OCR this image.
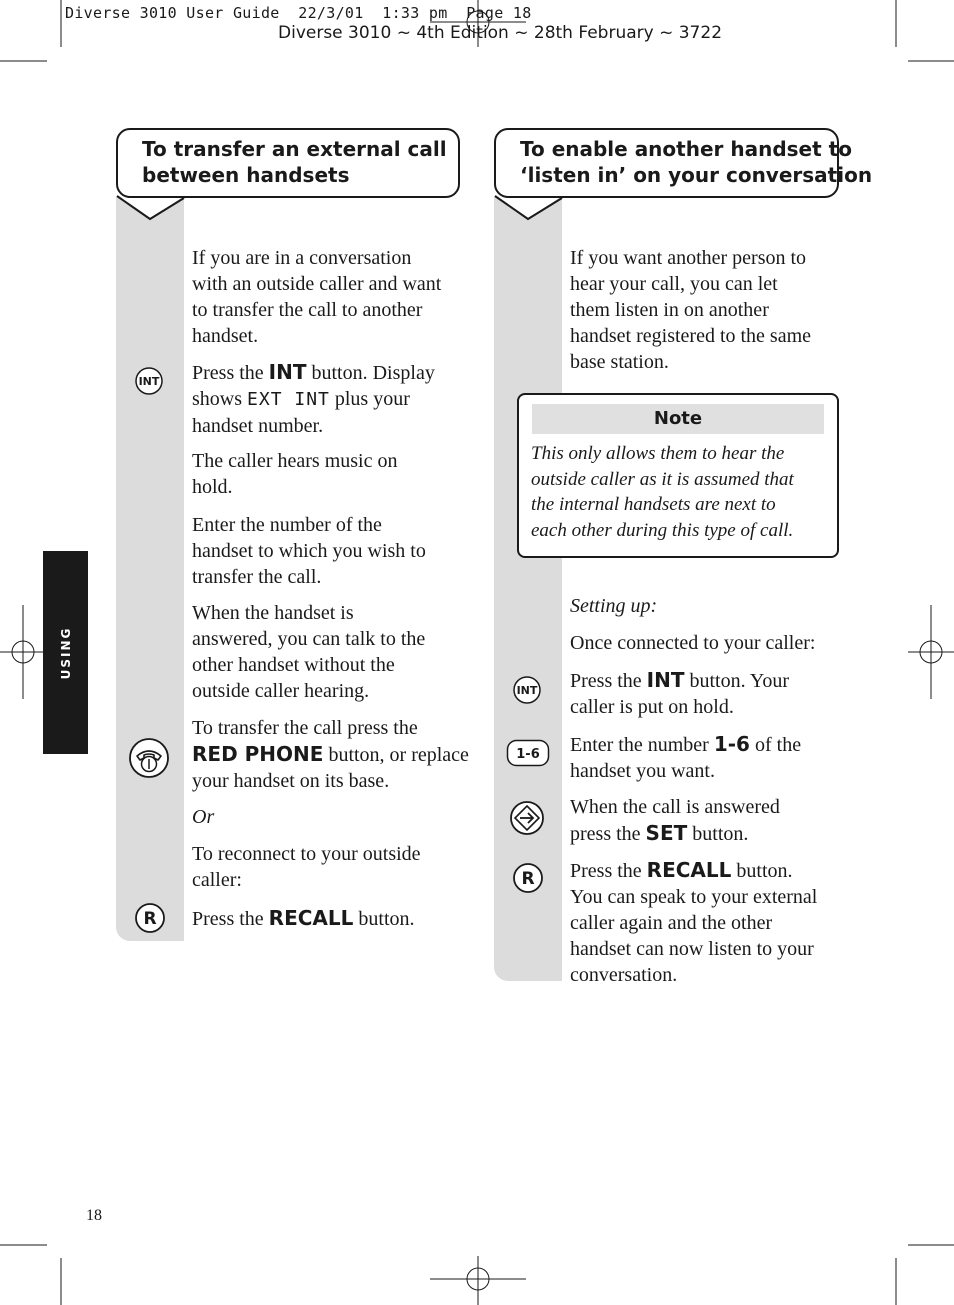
Diverse 3010 User Guide  22/3/01  1:33 pm  Page 18
Diverse 3010 ~ 4th Edition ~ 28th February ~ 3722
USING
To transfer an external call
between handsets
If you are in a conversation
with an outside caller and want
to transfer the call to another
handset.
Press the INT button. Display
shows EXT INT plus your
handset number.
The caller hears music on
hold.
Enter the number of the
handset to which you wish to
transfer the call.
When the handset is
answered, you can talk to the
other handset without the
outside caller hearing.
To transfer the call press the
RED PHONE button, or replace
your handset on its base.
Or
To reconnect to your outside
caller:
Press the RECALL button.
INT
R
To enable another handset to
‘listen in’ on your conversation
If you want another person to
hear your call, you can let
them listen in on another
handset registered to the same
base station.
Note
This only allows them to hear the
outside caller as it is assumed that
the internal handsets are next to
each other during this type of call.
Setting up:
Once connected to your caller:
Press the INT button. Your
caller is put on hold.
Enter the number 1-6 of the
handset you want.
When the call is answered
press the SET button.
Press the RECALL button.
You can speak to your external
caller again and the other
handset can now listen to your
conversation.
INT
1-6
R
18
